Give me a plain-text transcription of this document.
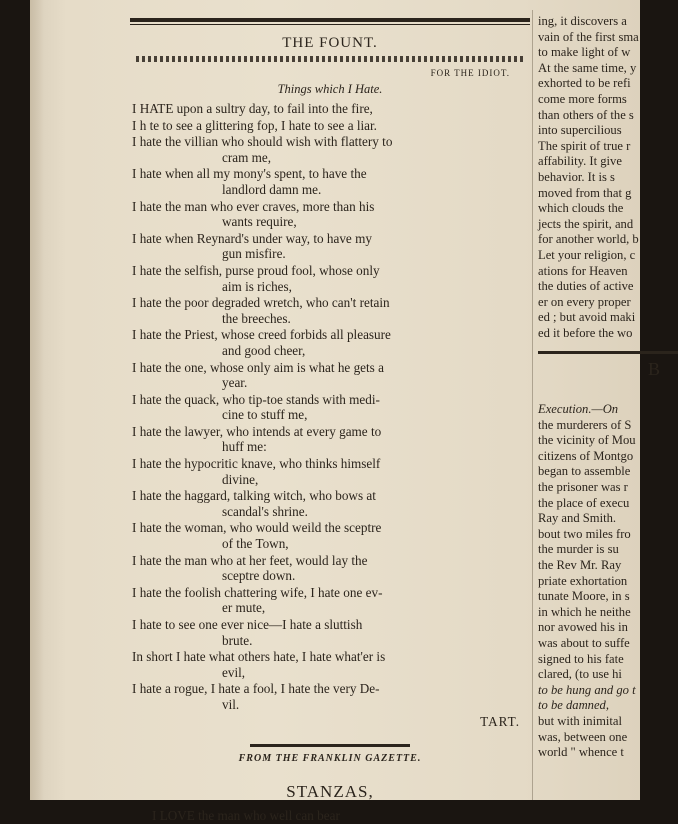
THE FOUNT.
FOR THE IDIOT.
Things which I Hate.
I HATE upon a sultry day, to fail into the fire,
I h te to see a glittering fop, I hate to see a liar.
I hate the villian who should wish with flattery to
cram me,
I hate when all my mony's spent, to have the
landlord damn me.
I hate the man who ever craves, more than his
wants require,
I hate when Reynard's under way, to have my
gun misfire.
I hate the selfish, purse proud fool, whose only
aim is riches,
I hate the poor degraded wretch, who can't retain
the breeches.
I hate the Priest, whose creed forbids all pleasure
and good cheer,
I hate the one, whose only aim is what he gets a
year.
I hate the quack, who tip-toe stands with medi-
cine to stuff me,
I hate the lawyer, who intends at every game to
huff me:
I hate the hypocritic knave, who thinks himself
divine,
I hate the haggard, talking witch, who bows at
scandal's shrine.
I hate the woman, who would weild the sceptre
of the Town,
I hate the man who at her feet, would lay the
sceptre down.
I hate the foolish chattering wife, I hate one ev-
er mute,
I hate to see one ever nice—I hate a sluttish
brute.
In short I hate what others hate, I hate what'er is
evil,
I hate a rogue, I hate a fool, I hate the very De-
vil.
TART.
FROM THE FRANKLIN GAZETTE.
STANZAS,
I LOVE the man who well can bear
ing, it discovers a
vain of the first sma
to make light of w
At the same time, y
exhorted to be refi
come more forms
than others of the s
into supercilious
The spirit of true r
affability. It give
behavior. It is s
moved from that g
which clouds the
jects the spirit, and
for another world, b
Let your religion, c
ations for Heaven
the duties of active
er on every proper
ed ; but avoid maki
ed it before the wo
B
Execution.—On
the murderers of S
the vicinity of Mou
citizens of Montgo
began to assemble
the prisoner was r
the place of execu
Ray and Smith.
bout two miles fro
the murder is su
the Rev Mr. Ray
priate exhortation
tunate Moore, in s
in which he neithe
nor avowed his in
was about to suffe
signed to his fate
clared, (to use hi
to be hung and go t
to be damned,
but with inimital
was, between one
world " whence t
